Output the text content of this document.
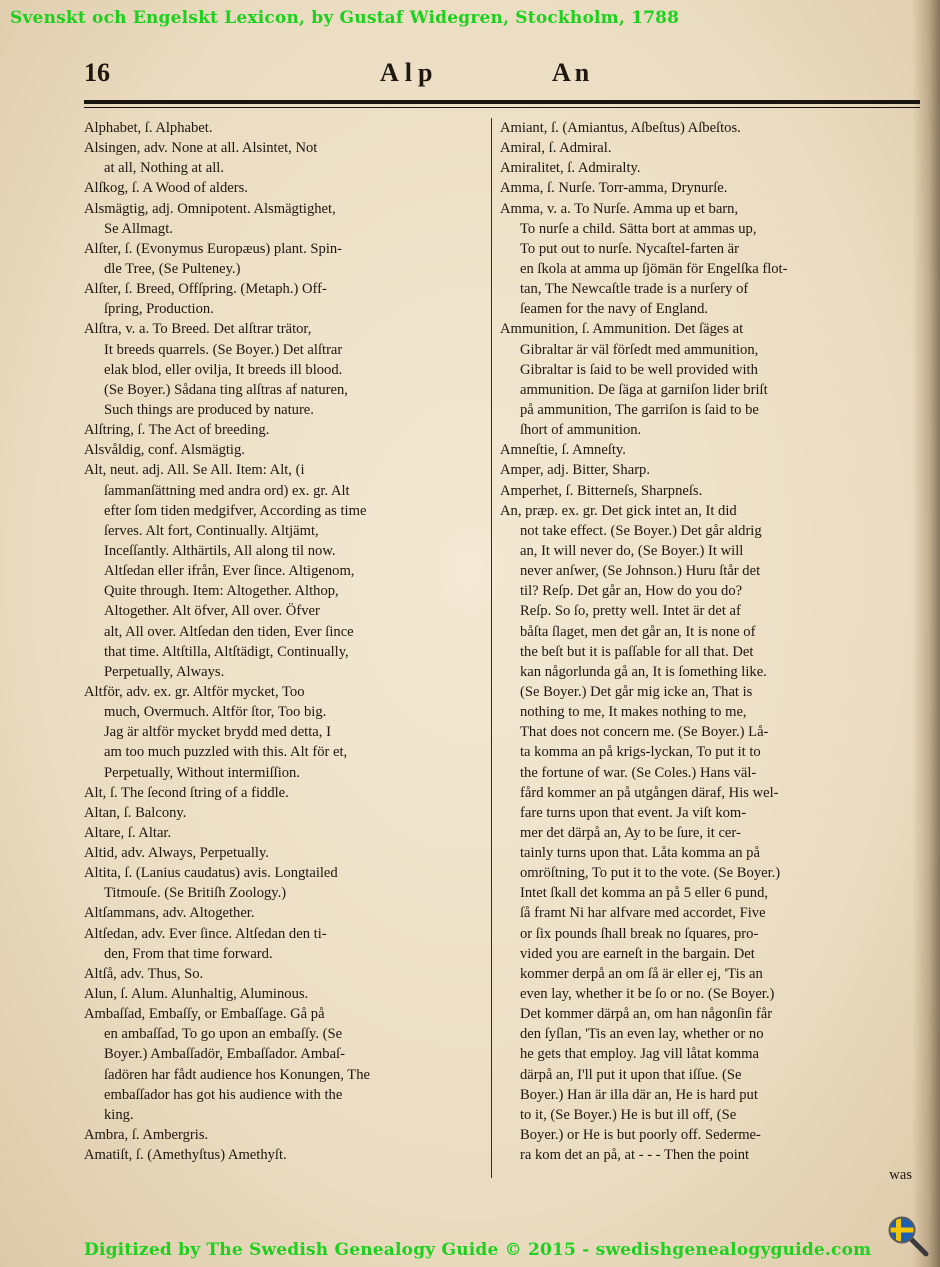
Svenskt och Engelskt Lexicon, by Gustaf Widegren, Stockholm, 1788
16	Alp	An
Alphabet, ſ. Alphabet.
Alsingen, adv. None at all. Alsintet, Not
at all, Nothing at all.
Alſkog, ſ. A Wood of alders.
Alsmägtig, adj. Omnipotent. Alsmägtighet,
Se Allmagt.
Alſter, ſ. (Evonymus Europæus) plant. Spin-
dle Tree, (Se Pulteney.)
Alſter, ſ. Breed, Offſpring. (Metaph.) Off-
ſpring, Production.
Alſtra, v. a. To Breed. Det alſtrar trätor,
It breeds quarrels. (Se Boyer.) Det alſtrar
elak blod, eller ovilja, It breeds ill blood.
(Se Boyer.) Sådana ting alſtras af naturen,
Such things are produced by nature.
Alſtring, ſ. The Act of breeding.
Alsvåldig, conf. Alsmägtig.
Alt, neut. adj. All. Se All. Item: Alt, (i
ſammanſättning med andra ord) ex. gr. Alt
efter ſom tiden medgifver, According as time
ſerves. Alt fort, Continually. Altjämt,
Inceſſantly. Althärtils, All along til now.
Altſedan eller ifrån, Ever ſince. Altigenom,
Quite through. Item: Altogether. Althop,
Altogether. Alt öfver, All over. Öfver
alt, All over. Altſedan den tiden, Ever ſince
that time. Altſtilla, Altſtädigt, Continually,
Perpetually, Always.
Altför, adv. ex. gr. Altför mycket, Too
much, Overmuch. Altför ſtor, Too big.
Jag är altför mycket brydd med detta, I
am too much puzzled with this. Alt för et,
Perpetually, Without intermiſſion.
Alt, ſ. The ſecond ſtring of a fiddle.
Altan, ſ. Balcony.
Altare, ſ. Altar.
Altid, adv. Always, Perpetually.
Altita, ſ. (Lanius caudatus) avis. Longtailed
Titmouſe. (Se Britiſh Zoology.)
Altſammans, adv. Altogether.
Altſedan, adv. Ever ſince. Altſedan den ti-
den, From that time forward.
Altſå, adv. Thus, So.
Alun, ſ. Alum. Alunhaltig, Aluminous.
Ambaſſad, Embaſſy, or Embaſſage. Gå på
en ambaſſad, To go upon an embaſſy. (Se
Boyer.) Ambaſſadör, Embaſſador. Ambaſ-
ſadören har fådt audience hos Konungen, The
embaſſador has got his audience with the
king.
Ambra, ſ. Ambergris.
Amatiſt, ſ. (Amethyſtus) Amethyſt.
Amiant, ſ. (Amiantus, Aſbeſtus) Aſbeſtos.
Amiral, ſ. Admiral.
Amiralitet, ſ. Admiralty.
Amma, ſ. Nurſe. Torr-amma, Drynurſe.
Amma, v. a. To Nurſe. Amma up et barn,
To nurſe a child. Sätta bort at ammas up,
To put out to nurſe. Nycaſtel-farten är
en ſkola at amma up ſjömän för Engelſka flot-
tan, The Newcaſtle trade is a nurſery of
ſeamen for the navy of England.
Ammunition, ſ. Ammunition. Det ſäges at
Gibraltar är väl förſedt med ammunition,
Gibraltar is ſaid to be well provided with
ammunition. De ſäga at garniſon lider briſt
på ammunition, The garriſon is ſaid to be
ſhort of ammunition.
Amneſtie, ſ. Amneſty.
Amper, adj. Bitter, Sharp.
Amperhet, ſ. Bitterneſs, Sharpneſs.
An, præp. ex. gr. Det gick intet an, It did
not take effect. (Se Boyer.) Det går aldrig
an, It will never do, (Se Boyer.) It will
never anſwer, (Se Johnson.) Huru ſtår det
til? Reſp. Det går an, How do you do?
Reſp. So ſo, pretty well. Intet är det af
båſta ſlaget, men det går an, It is none of
the beſt but it is paſſable for all that. Det
kan någorlunda gå an, It is ſomething like.
(Se Boyer.) Det går mig icke an, That is
nothing to me, It makes nothing to me,
That does not concern me. (Se Boyer.) Lå-
ta komma an på krigs-lyckan, To put it to
the fortune of war. (Se Coles.) Hans väl-
fård kommer an på utgången däraf, His wel-
fare turns upon that event. Ja viſt kom-
mer det därpå an, Ay to be ſure, it cer-
tainly turns upon that. Låta komma an på
omröſtning, To put it to the vote. (Se Boyer.)
Intet ſkall det komma an på 5 eller 6 pund,
ſå framt Ni har alfvare med accordet, Five
or ſix pounds ſhall break no ſquares, pro-
vided you are earneſt in the bargain. Det
kommer derpå an om ſå är eller ej, 'Tis an
even lay, whether it be ſo or no. (Se Boyer.)
Det kommer därpå an, om han någonſin får
den ſyſlan, 'Tis an even lay, whether or no
he gets that employ. Jag vill låtat komma
därpå an, I'll put it upon that iſſue. (Se
Boyer.) Han är illa där an, He is hard put
to it, (Se Boyer.) He is but ill off, (Se
Boyer.) or He is but poorly off. Sederme-
ra kom det an på, at - - - Then the point
was
Digitized by The Swedish Genealogy Guide © 2015 - swedishgenealogyguide.com
